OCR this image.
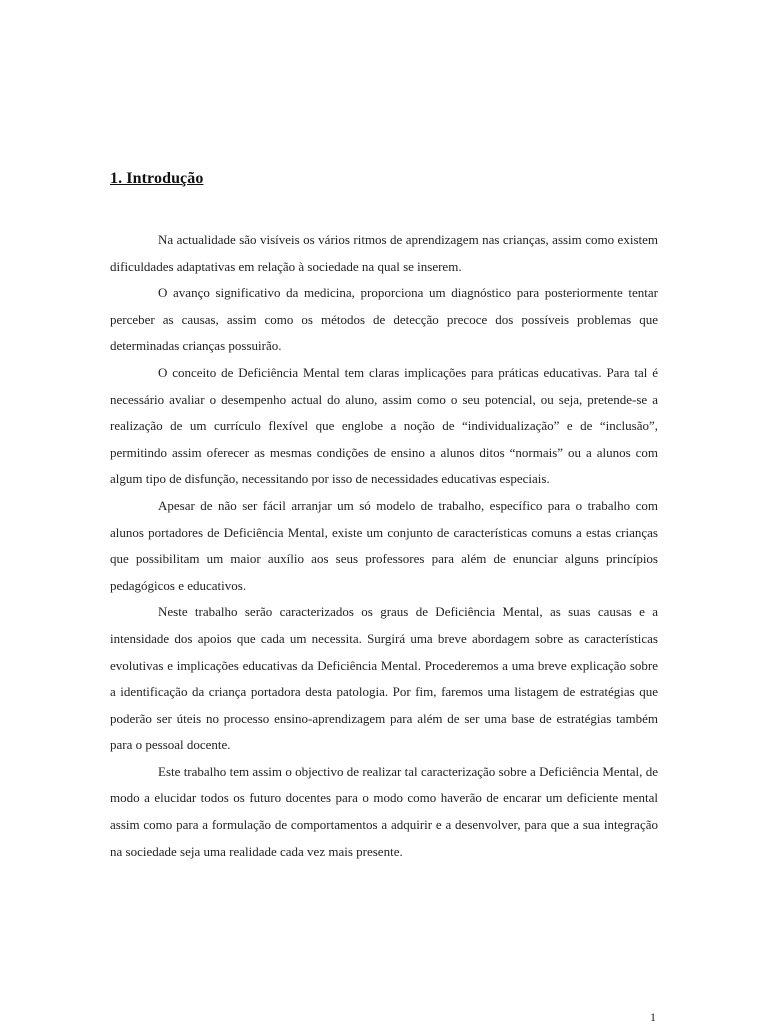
1. Introdução

Na actualidade são visíveis os vários ritmos de aprendizagem nas crianças, assim como existem dificuldades adaptativas em relação à sociedade na qual se inserem.

O avanço significativo da medicina, proporciona um diagnóstico para posteriormente tentar perceber as causas, assim como os métodos de detecção precoce dos possíveis problemas que determinadas crianças possuirão.

O conceito de Deficiência Mental tem claras implicações para práticas educativas. Para tal é necessário avaliar o desempenho actual do aluno, assim como o seu potencial, ou seja, pretende-se a realização de um currículo flexível que englobe a noção de “individualização” e de “inclusão”, permitindo assim oferecer as mesmas condições de ensino a alunos ditos “normais” ou a alunos com algum tipo de disfunção, necessitando por isso de necessidades educativas especiais.

Apesar de não ser fácil arranjar um só modelo de trabalho, específico para o trabalho com alunos portadores de Deficiência Mental, existe um conjunto de características comuns a estas crianças que possibilitam um maior auxílio aos seus professores para além de enunciar alguns princípios pedagógicos e educativos.

Neste trabalho serão caracterizados os graus de Deficiência Mental, as suas causas e a intensidade dos apoios que cada um necessita. Surgirá uma breve abordagem sobre as características evolutivas e implicações educativas da Deficiência Mental. Procederemos a uma breve explicação sobre a identificação da criança portadora desta patologia. Por fim, faremos uma listagem de estratégias que poderão ser úteis no processo ensino-aprendizagem para além de ser uma base de estratégias também para o pessoal docente.

Este trabalho tem assim o objectivo de realizar tal caracterização sobre a Deficiência Mental, de modo a elucidar todos os futuro docentes para o modo como haverão de encarar um deficiente mental assim como para a formulação de comportamentos a adquirir e a desenvolver, para que a sua integração na sociedade seja uma realidade cada vez mais presente.

1
